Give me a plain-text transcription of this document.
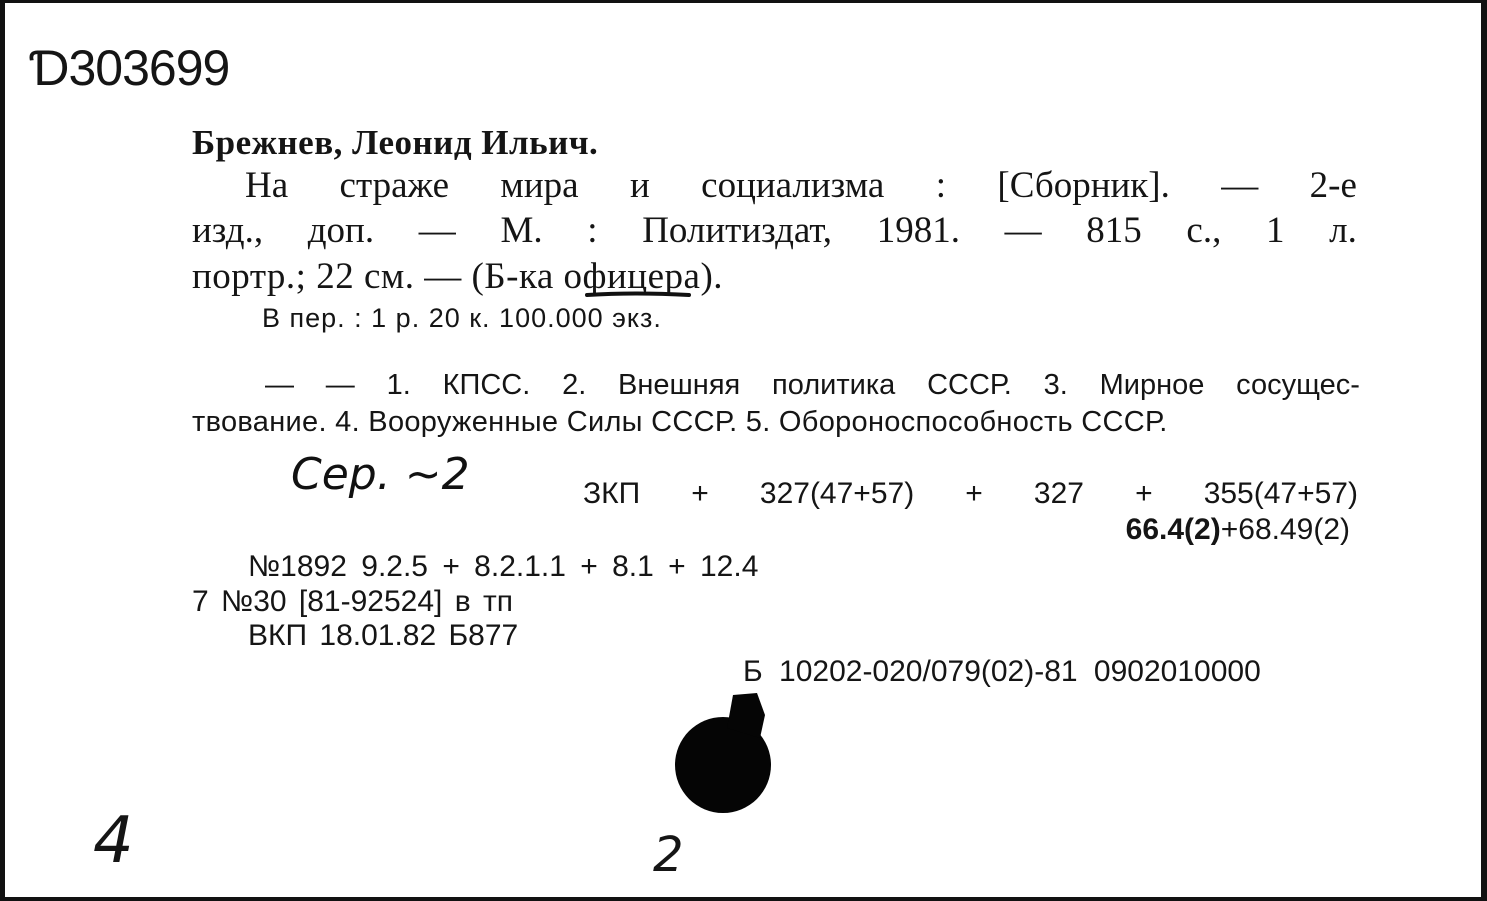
Ɗ303699
Брежнев, Леонид Ильич.
На страже мира и социализма : [Сборник]. — 2-е
изд., доп. — М. : Политиздат, 1981. — 815 с., 1 л.
портр.; 22 см. — (Б-ка офицера).
В пер. : 1 р. 20 к. 100.000 экз.
— — 1. КПСС. 2. Внешняя политика СССР. 3. Мирное сосущес-
твование. 4. Вооруженные Силы СССР. 5. Обороноспособность СССР.
Сер. ~2	ЗКП + 327(47+57) + 327 + 355(47+57)
66.4(2)+68.49(2)
№1892 9.2.5 + 8.2.1.1 + 8.1 + 12.4
7 №30 [81-92524] в тп
ВКП 18.01.82 Б877
Б 10202-020/079(02)-81 0902010000
4	2
